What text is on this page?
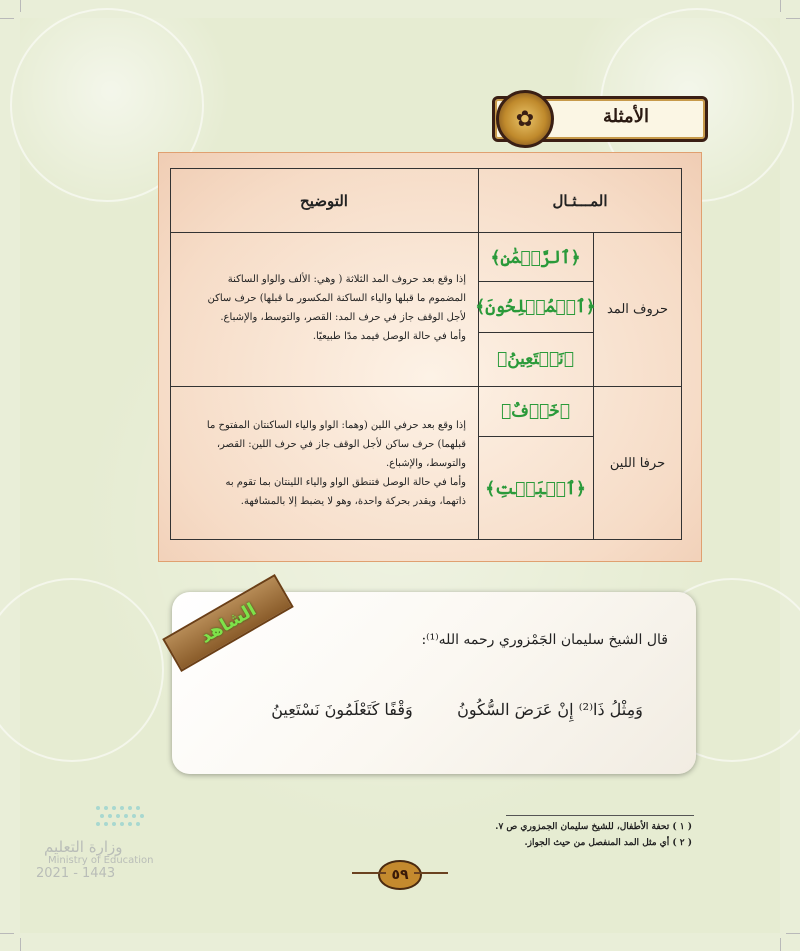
✿	الأمثلة
المـــثـال
التوضيح
حروف المد
﴿ٱلرَّحۡمَٰنِ﴾
﴿ٱلۡمُفۡلِحُونَ﴾
﴿نَسۡتَعِينُ﴾
إذا وقع بعد حروف المد الثلاثة ( وهي: الألف والواو الساكنة
المضموم ما قبلها والياء الساكنة المكسور ما قبلها) حرف ساكن
لأجل الوقف جاز في حرف المد: القصر، والتوسط، والإشباع.
وأما في حالة الوصل فيمد مدًا طبيعيًا.
حرفا اللين
﴿خَوۡفٌ﴾
﴿ٱلۡبَيۡتِ﴾
إذا وقع بعد حرفي اللين (وهما: الواو والياء الساكنتان المفتوح ما
قبلهما) حرف ساكن لأجل الوقف جاز في حرف اللين: القصر،
والتوسط، والإشباع.
وأما في حالة الوصل فتنطق الواو والياء اللينتان بما تقوم به
ذاتهما، ويقدر بحركة واحدة، وهو لا يضبط إلا بالمشافهة.
الشاهد	قال الشيخ سليمان الجَمْزوري رحمه الله⁽¹⁾:
وَمِثْلُ ذَا⁽²⁾ إِنْ عَرَضَ السُّكُونُ
وَقْفًا كَتَعْلَمُونَ نَسْتَعِينُ
وزارة التعليم
Ministry of Education
2021 - 1443
( ١ ) تحفة الأطفال، للشيخ سليمان الجمزوري ص ٧.
( ٢ ) أي مثل المد المنفصل من حيث الجواز.
٥٩
